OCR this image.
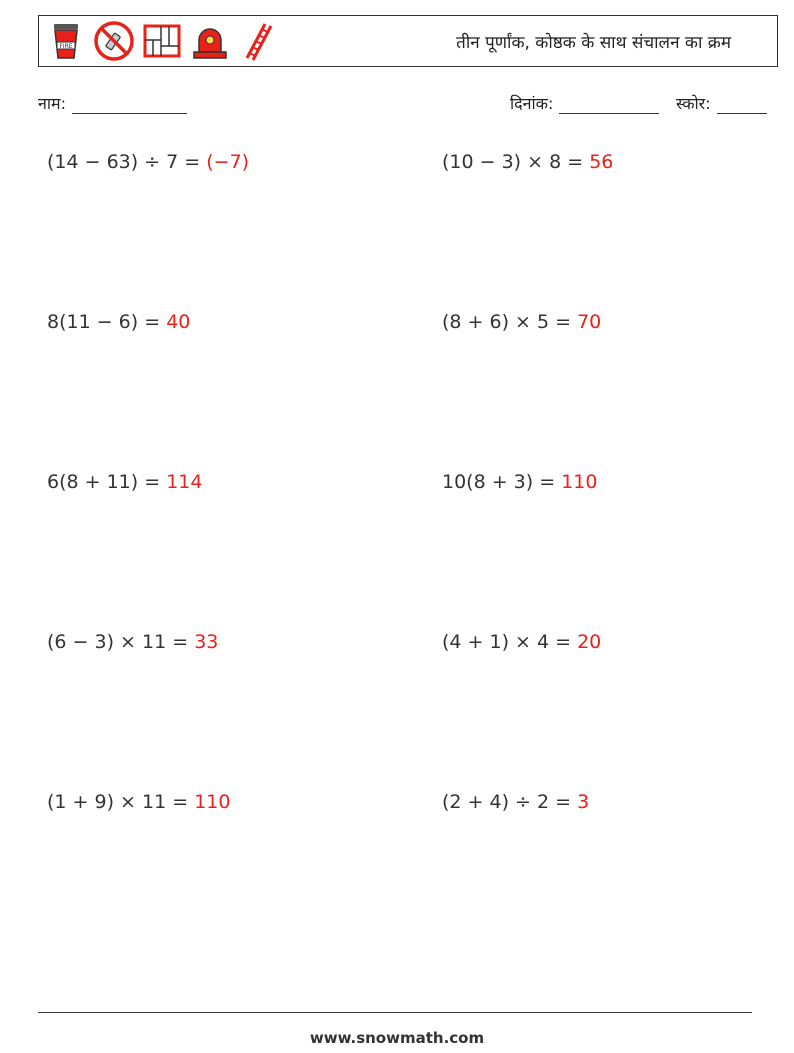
FIRE	तीन पूर्णांक, कोष्ठक के साथ संचालन का क्रम
नाम:	दिनांक:	स्कोर:
(14 − 63) ÷ 7 = (−7)	(10 − 3) × 8 = 56
8(11 − 6) = 40	(8 + 6) × 5 = 70
6(8 + 11) = 114	10(8 + 3) = 110
(6 − 3) × 11 = 33	(4 + 1) × 4 = 20
(1 + 9) × 11 = 110	(2 + 4) ÷ 2 = 3
www.snowmath.com
